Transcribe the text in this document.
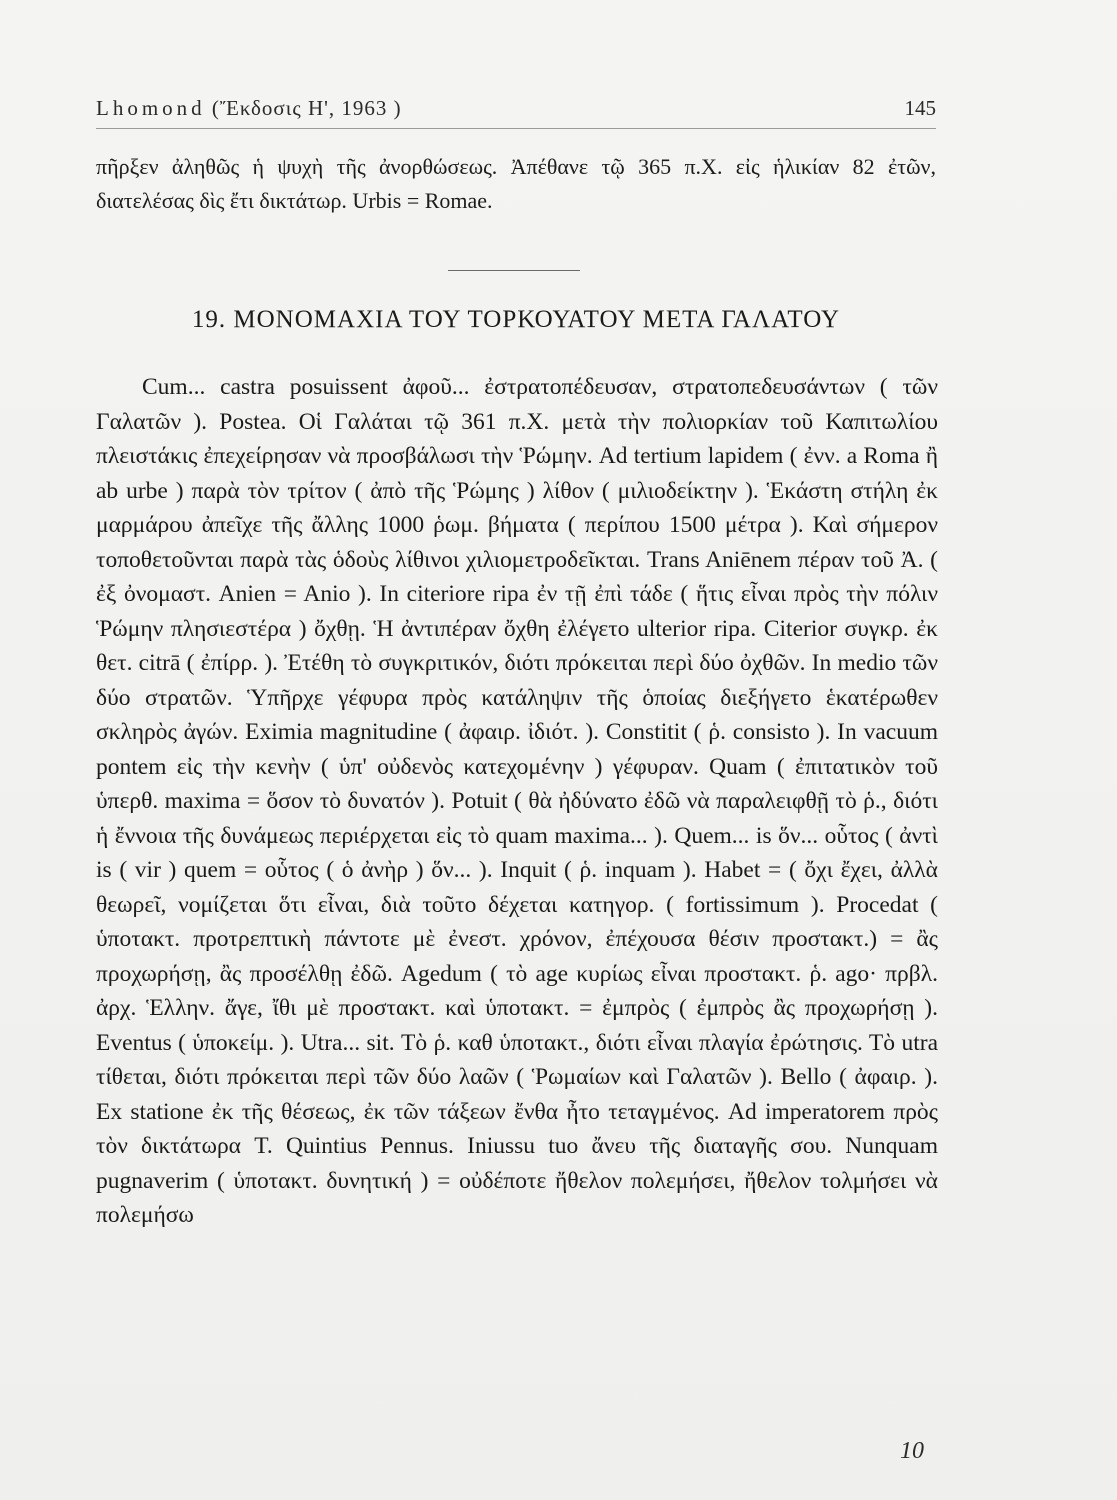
Lhomond (Ἔκδοσις Η', 1963 )	145
πῆρξεν ἀληθῶς ἡ ψυχὴ τῆς ἀνορθώσεως. Ἀπέθανε τῷ 365 π.Χ. εἰς ἡλικίαν 82 ἐτῶν, διατελέσας δὶς ἔτι δικτάτωρ. Urbis = Romae.
19. ΜΟΝΟΜΑΧΙΑ ΤΟΥ ΤΟΡΚΟΥΑΤΟΥ ΜΕΤΑ ΓΑΛΑΤΟΥ

Cum... castra posuissent ἀφοῦ... ἐστρατοπέδευσαν, στρατοπεδευσάντων ( τῶν Γαλατῶν ). Postea. Οἱ Γαλάται τῷ 361 π.Χ. μετὰ τὴν πολιορκίαν τοῦ Καπιτωλίου πλειστάκις ἐπεχείρησαν νὰ προσβάλωσι τὴν Ῥώμην. Ad tertium lapidem ( ἐνν. a Roma ἢ ab urbe ) παρὰ τὸν τρίτον ( ἀπὸ τῆς Ῥώμης ) λίθον ( μιλιοδείκτην ). Ἑκάστη στήλη ἐκ μαρμάρου ἀπεῖχε τῆς ἄλλης 1000 ῥωμ. βήματα ( περίπου 1500 μέτρα ). Καὶ σήμερον τοποθετοῦνται παρὰ τὰς ὁδοὺς λίθινοι χιλιομετροδεῖκται. Trans Aniēnem πέραν τοῦ Ἀ. ( ἐξ ὀνομαστ. Anien = Anio ). In citeriore ripa ἐν τῇ ἐπὶ τάδε ( ἥτις εἶναι πρὸς τὴν πόλιν Ῥώμην πλησιεστέρα ) ὄχθῃ. Ἡ ἀντιπέραν ὄχθη ἐλέγετο ulterior ripa. Citerior συγκρ. ἐκ θετ. citrā ( ἐπίρρ. ). Ἐτέθη τὸ συγκριτικόν, διότι πρόκειται περὶ δύο ὀχθῶν. In medio τῶν δύο στρατῶν. Ὑπῆρχε γέφυρα πρὸς κατάληψιν τῆς ὁποίας διεξήγετο ἑκατέρωθεν σκληρὸς ἀγών. Eximia magnitudine ( ἀφαιρ. ἰδιότ. ). Constitit ( ῥ. consisto ). In vacuum pontem εἰς τὴν κενὴν ( ὑπ' οὐδενὸς κατεχομένην ) γέφυραν. Quam ( ἐπιτατικὸν τοῦ ὑπερθ. maxima = ὅσον τὸ δυνατόν ). Potuit ( θὰ ἠδύνατο ἐδῶ νὰ παραλειφθῇ τὸ ῥ., διότι ἡ ἔννοια τῆς δυνάμεως περιέρχεται εἰς τὸ quam maxima... ). Quem... is ὅν... οὗτος ( ἀντὶ is ( vir ) quem = οὗτος ( ὁ ἀνὴρ ) ὅν... ). Inquit ( ῥ. inquam ). Habet = ( ὄχι ἔχει, ἀλλὰ θεωρεῖ, νομίζεται ὅτι εἶναι, διὰ τοῦτο δέχεται κατηγορ. ( fortissimum ). Procedat ( ὑποτακτ. προτρεπτικὴ πάντοτε μὲ ἐνεστ. χρόνον, ἐπέχουσα θέσιν προστακτ.) = ἂς προχωρήσῃ, ἂς προσέλθῃ ἐδῶ. Agedum ( τὸ age κυρίως εἶναι προστακτ. ῥ. ago· πρβλ. ἀρχ. Ἑλλην. ἄγε, ἴθι μὲ προστακτ. καὶ ὑποτακτ. = ἐμπρὸς ( ἐμπρὸς ἂς προχωρήσῃ ). Eventus ( ὑποκείμ. ). Utra... sit. Τὸ ῥ. καθ ὑποτακτ., διότι εἶναι πλαγία ἐρώτησις. Τὸ utra τίθεται, διότι πρόκειται περὶ τῶν δύο λαῶν ( Ῥωμαίων καὶ Γαλατῶν ). Bello ( ἀφαιρ. ). Ex statione ἐκ τῆς θέσεως, ἐκ τῶν τάξεων ἔνθα ἦτο τεταγμένος. Ad imperatorem πρὸς τὸν δικτάτωρα T. Quintius Pennus. Iniussu tuo ἄνευ τῆς διαταγῆς σου. Nunquam pugnaverim ( ὑποτακτ. δυνητική ) = οὐδέποτε ἤθελον πολεμήσει, ἤθελον τολμήσει νὰ πολεμήσω

10
